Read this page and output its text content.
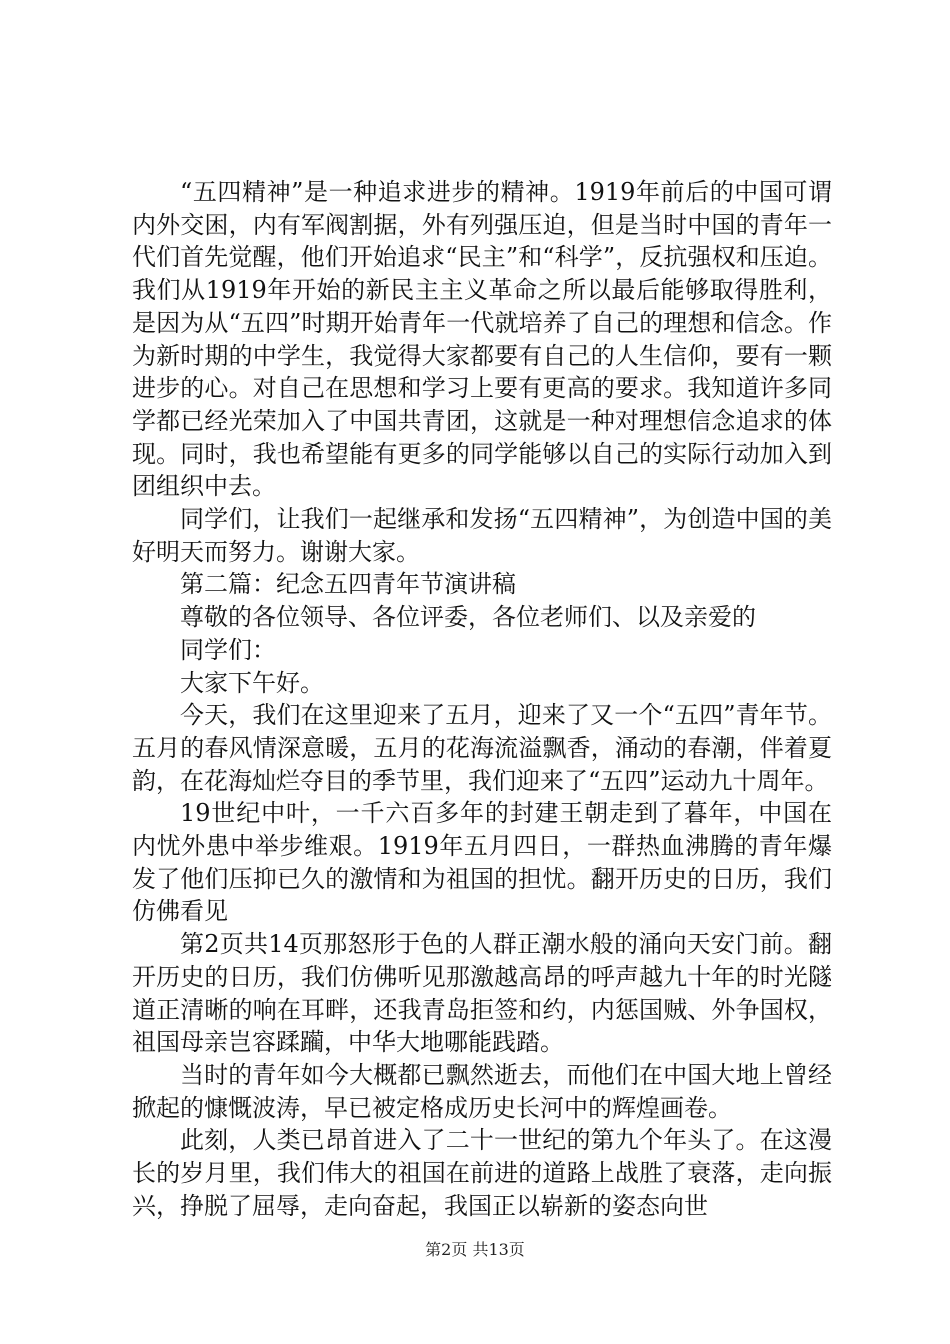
“五四精神”是一种追求进步的精神。1919年前后的中国可谓内外交困，内有军阀割据，外有列强压迫，但是当时中国的青年一代们首先觉醒，他们开始追求“民主”和“科学”，反抗强权和压迫。我们从1919年开始的新民主主义革命之所以最后能够取得胜利，是因为从“五四”时期开始青年一代就培养了自己的理想和信念。作为新时期的中学生，我觉得大家都要有自己的人生信仰，要有一颗进步的心。对自己在思想和学习上要有更高的要求。我知道许多同学都已经光荣加入了中国共青团，这就是一种对理想信念追求的体现。同时，我也希望能有更多的同学能够以自己的实际行动加入到团组织中去。

同学们，让我们一起继承和发扬“五四精神”，为创造中国的美好明天而努力。谢谢大家。

第二篇：纪念五四青年节演讲稿

尊敬的各位领导、各位评委，各位老师们、以及亲爱的

同学们：

大家下午好。

今天，我们在这里迎来了五月，迎来了又一个“五四”青年节。五月的春风情深意暖，五月的花海流溢飘香，涌动的春潮，伴着夏韵，在花海灿烂夺目的季节里，我们迎来了“五四”运动九十周年。

19世纪中叶，一千六百多年的封建王朝走到了暮年，中国在内忧外患中举步维艰。1919年五月四日，一群热血沸腾的青年爆发了他们压抑已久的激情和为祖国的担忧。翻开历史的日历，我们仿佛看见

第2页共14页那怒形于色的人群正潮水般的涌向天安门前。翻开历史的日历，我们仿佛听见那激越高昂的呼声越九十年的时光隧道正清晰的响在耳畔，还我青岛拒签和约，内惩国贼、外争国权，祖国母亲岂容蹂躏，中华大地哪能践踏。

当时的青年如今大概都已飘然逝去，而他们在中国大地上曾经掀起的慷慨波涛，早已被定格成历史长河中的辉煌画卷。

此刻，人类已昂首进入了二十一世纪的第九个年头了。在这漫长的岁月里，我们伟大的祖国在前进的道路上战胜了衰落，走向振兴，挣脱了屈辱，走向奋起，我国正以崭新的姿态向世

第2页 共13页
